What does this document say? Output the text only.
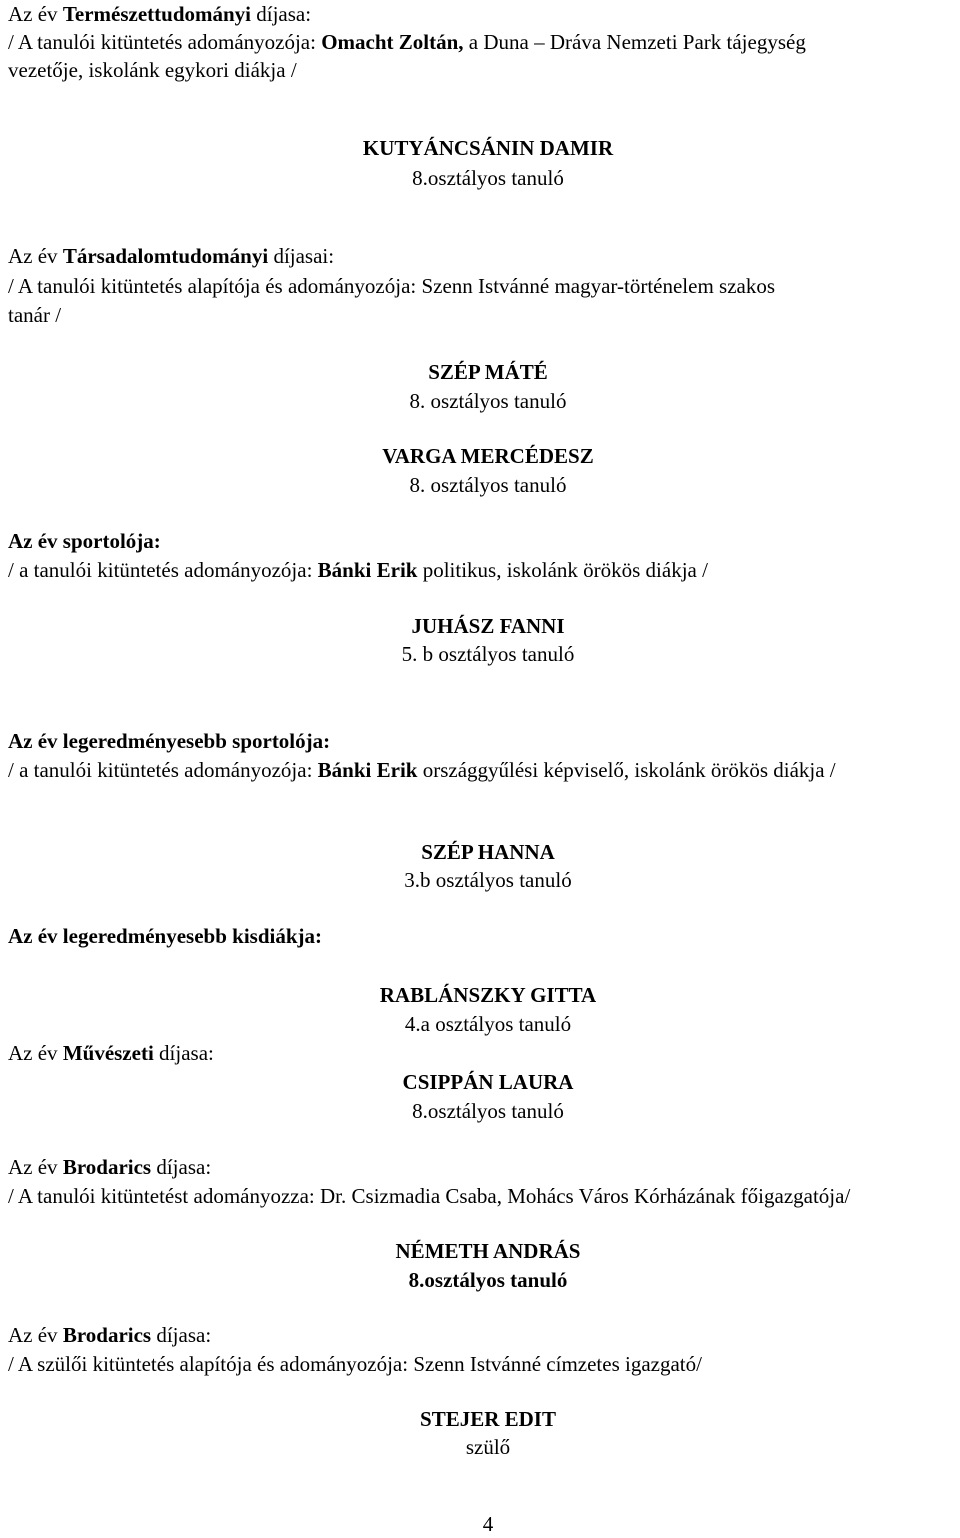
Az év Természettudományi díjasa:
/ A tanulói kitüntetés adományozója: Omacht Zoltán, a Duna – Dráva Nemzeti Park tájegység
vezetője, iskolánk egykori diákja /
KUTYÁNCSÁNIN DAMIR
8.osztályos tanuló
Az év Társadalomtudományi díjasai:
/ A tanulói kitüntetés alapítója és adományozója: Szenn Istvánné magyar-történelem szakos
tanár /
SZÉP MÁTÉ
8. osztályos tanuló
VARGA MERCÉDESZ
8. osztályos tanuló
Az év sportolója:
/ a tanulói kitüntetés adományozója: Bánki Erik politikus, iskolánk örökös diákja /
JUHÁSZ FANNI
5. b osztályos tanuló
Az év legeredményesebb sportolója:
/ a tanulói kitüntetés adományozója: Bánki Erik országgyűlési képviselő, iskolánk örökös diákja /
SZÉP HANNA
3.b osztályos tanuló
Az év legeredményesebb kisdiákja:
RABLÁNSZKY GITTA
4.a osztályos tanuló
Az év Művészeti díjasa:
CSIPPÁN LAURA
8.osztályos tanuló
Az év Brodarics díjasa:
/ A tanulói kitüntetést adományozza: Dr. Csizmadia Csaba, Mohács Város Kórházának főigazgatója/
NÉMETH ANDRÁS
8.osztályos tanuló
Az év Brodarics díjasa:
/ A szülői kitüntetés alapítója és adományozója: Szenn Istvánné címzetes igazgató/
STEJER EDIT
szülő
4
